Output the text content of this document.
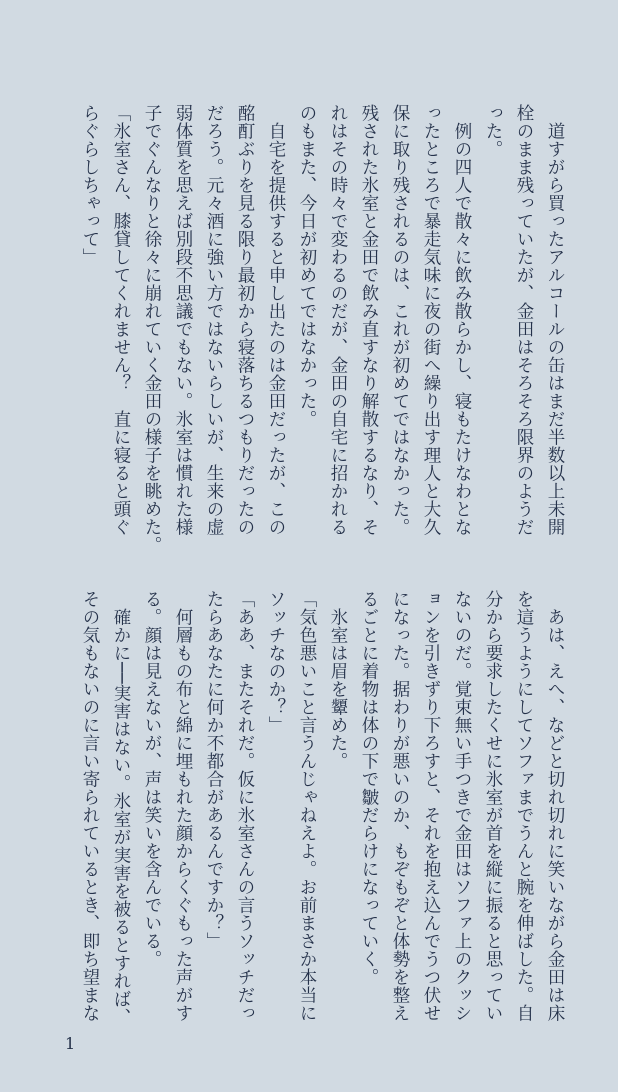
　道すがら買ったアルコールの缶はまだ半数以上未開

栓のまま残っていたが、金田はそろそろ限界のようだ

った。

　例の四人で散々に飲み散らかし、寝もたけなわとな

ったところで暴走気味に夜の街へ繰り出す理人と大久

保に取り残されるのは、これが初めてではなかった。

残された氷室と金田で飲み直すなり解散するなり、そ

れはその時々で変わるのだが、金田の自宅に招かれる

のもまた、今日が初めてではなかった。

　自宅を提供すると申し出たのは金田だったが、この

酩酊ぶりを見る限り最初から寝落ちるつもりだったの

だろう。元々酒に強い方ではないらしいが、生来の虚

弱体質を思えば別段不思議でもない。氷室は慣れた様

子でぐんなりと徐々に崩れていく金田の様子を眺めた。

「氷室さん、膝貸してくれません？　直に寝ると頭ぐ

らぐらしちゃって」

　あは、えへ、などと切れ切れに笑いながら金田は床

を這うようにしてソファまでうんと腕を伸ばした。自

分から要求したくせに氷室が首を縦に振ると思ってい

ないのだ。覚束無い手つきで金田はソファ上のクッシ

ョンを引きずり下ろすと、それを抱え込んでうつ伏せ

になった。据わりが悪いのか、もぞもぞと体勢を整え

るごとに着物は体の下で皺だらけになっていく。

　氷室は眉を顰めた。

「気色悪いこと言うんじゃねえよ。お前まさか本当に

ソッチなのか？」

「ああ、またそれだ。仮に氷室さんの言うソッチだっ

たらあなたに何か不都合があるんですか？」

　何層もの布と綿に埋もれた顔からくぐもった声がす

る。顔は見えないが、声は笑いを含んでいる。

　確かに──実害はない。氷室が実害を被るとすれば、

その気もないのに言い寄られているとき、即ち望まな

1
